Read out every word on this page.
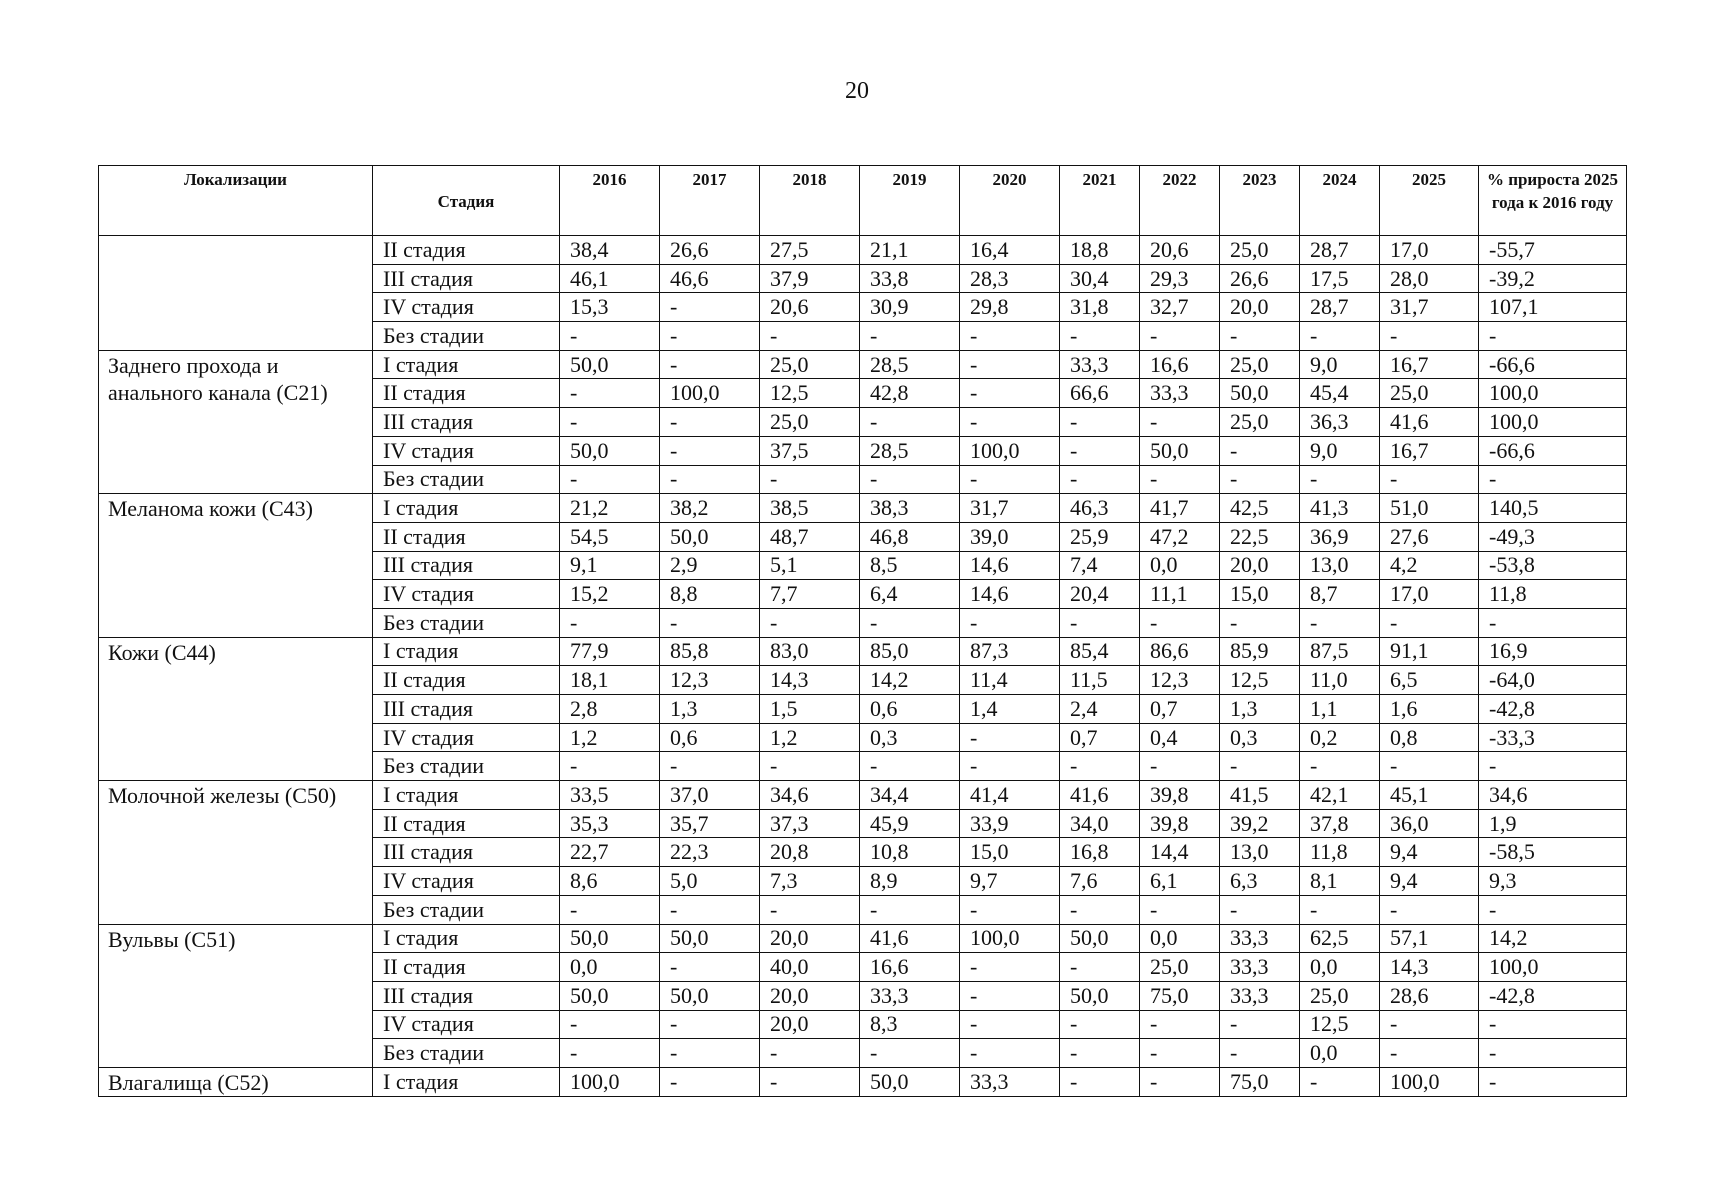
20
Локализации	Стадия	2016	2017	2018	2019	2020	2021	2022	2023	2024	2025	% прироста 2025 года к 2016 году
	II стадия	38,4	26,6	27,5	21,1	16,4	18,8	20,6	25,0	28,7	17,0	-55,7
	III стадия	46,1	46,6	37,9	33,8	28,3	30,4	29,3	26,6	17,5	28,0	-39,2
	IV стадия	15,3	-	20,6	30,9	29,8	31,8	32,7	20,0	28,7	31,7	107,1
	Без стадии	-	-	-	-	-	-	-	-	-	-	-
Заднего прохода и анального канала (С21)	I стадия	50,0	-	25,0	28,5	-	33,3	16,6	25,0	9,0	16,7	-66,6
	II стадия	-	100,0	12,5	42,8	-	66,6	33,3	50,0	45,4	25,0	100,0
	III стадия	-	-	25,0	-	-	-	-	25,0	36,3	41,6	100,0
	IV стадия	50,0	-	37,5	28,5	100,0	-	50,0	-	9,0	16,7	-66,6
	Без стадии	-	-	-	-	-	-	-	-	-	-	-
Меланома кожи (С43)	I стадия	21,2	38,2	38,5	38,3	31,7	46,3	41,7	42,5	41,3	51,0	140,5
	II стадия	54,5	50,0	48,7	46,8	39,0	25,9	47,2	22,5	36,9	27,6	-49,3
	III стадия	9,1	2,9	5,1	8,5	14,6	7,4	0,0	20,0	13,0	4,2	-53,8
	IV стадия	15,2	8,8	7,7	6,4	14,6	20,4	11,1	15,0	8,7	17,0	11,8
	Без стадии	-	-	-	-	-	-	-	-	-	-	-
Кожи (С44)	I стадия	77,9	85,8	83,0	85,0	87,3	85,4	86,6	85,9	87,5	91,1	16,9
	II стадия	18,1	12,3	14,3	14,2	11,4	11,5	12,3	12,5	11,0	6,5	-64,0
	III стадия	2,8	1,3	1,5	0,6	1,4	2,4	0,7	1,3	1,1	1,6	-42,8
	IV стадия	1,2	0,6	1,2	0,3	-	0,7	0,4	0,3	0,2	0,8	-33,3
	Без стадии	-	-	-	-	-	-	-	-	-	-	-
Молочной железы (С50)	I стадия	33,5	37,0	34,6	34,4	41,4	41,6	39,8	41,5	42,1	45,1	34,6
	II стадия	35,3	35,7	37,3	45,9	33,9	34,0	39,8	39,2	37,8	36,0	1,9
	III стадия	22,7	22,3	20,8	10,8	15,0	16,8	14,4	13,0	11,8	9,4	-58,5
	IV стадия	8,6	5,0	7,3	8,9	9,7	7,6	6,1	6,3	8,1	9,4	9,3
	Без стадии	-	-	-	-	-	-	-	-	-	-	-
Вульвы (С51)	I стадия	50,0	50,0	20,0	41,6	100,0	50,0	0,0	33,3	62,5	57,1	14,2
	II стадия	0,0	-	40,0	16,6	-	-	25,0	33,3	0,0	14,3	100,0
	III стадия	50,0	50,0	20,0	33,3	-	50,0	75,0	33,3	25,0	28,6	-42,8
	IV стадия	-	-	20,0	8,3	-	-	-	-	12,5	-	-
	Без стадии	-	-	-	-	-	-	-	-	0,0	-	-
Влагалища (С52)	I стадия	100,0	-	-	50,0	33,3	-	-	75,0	-	100,0	-
